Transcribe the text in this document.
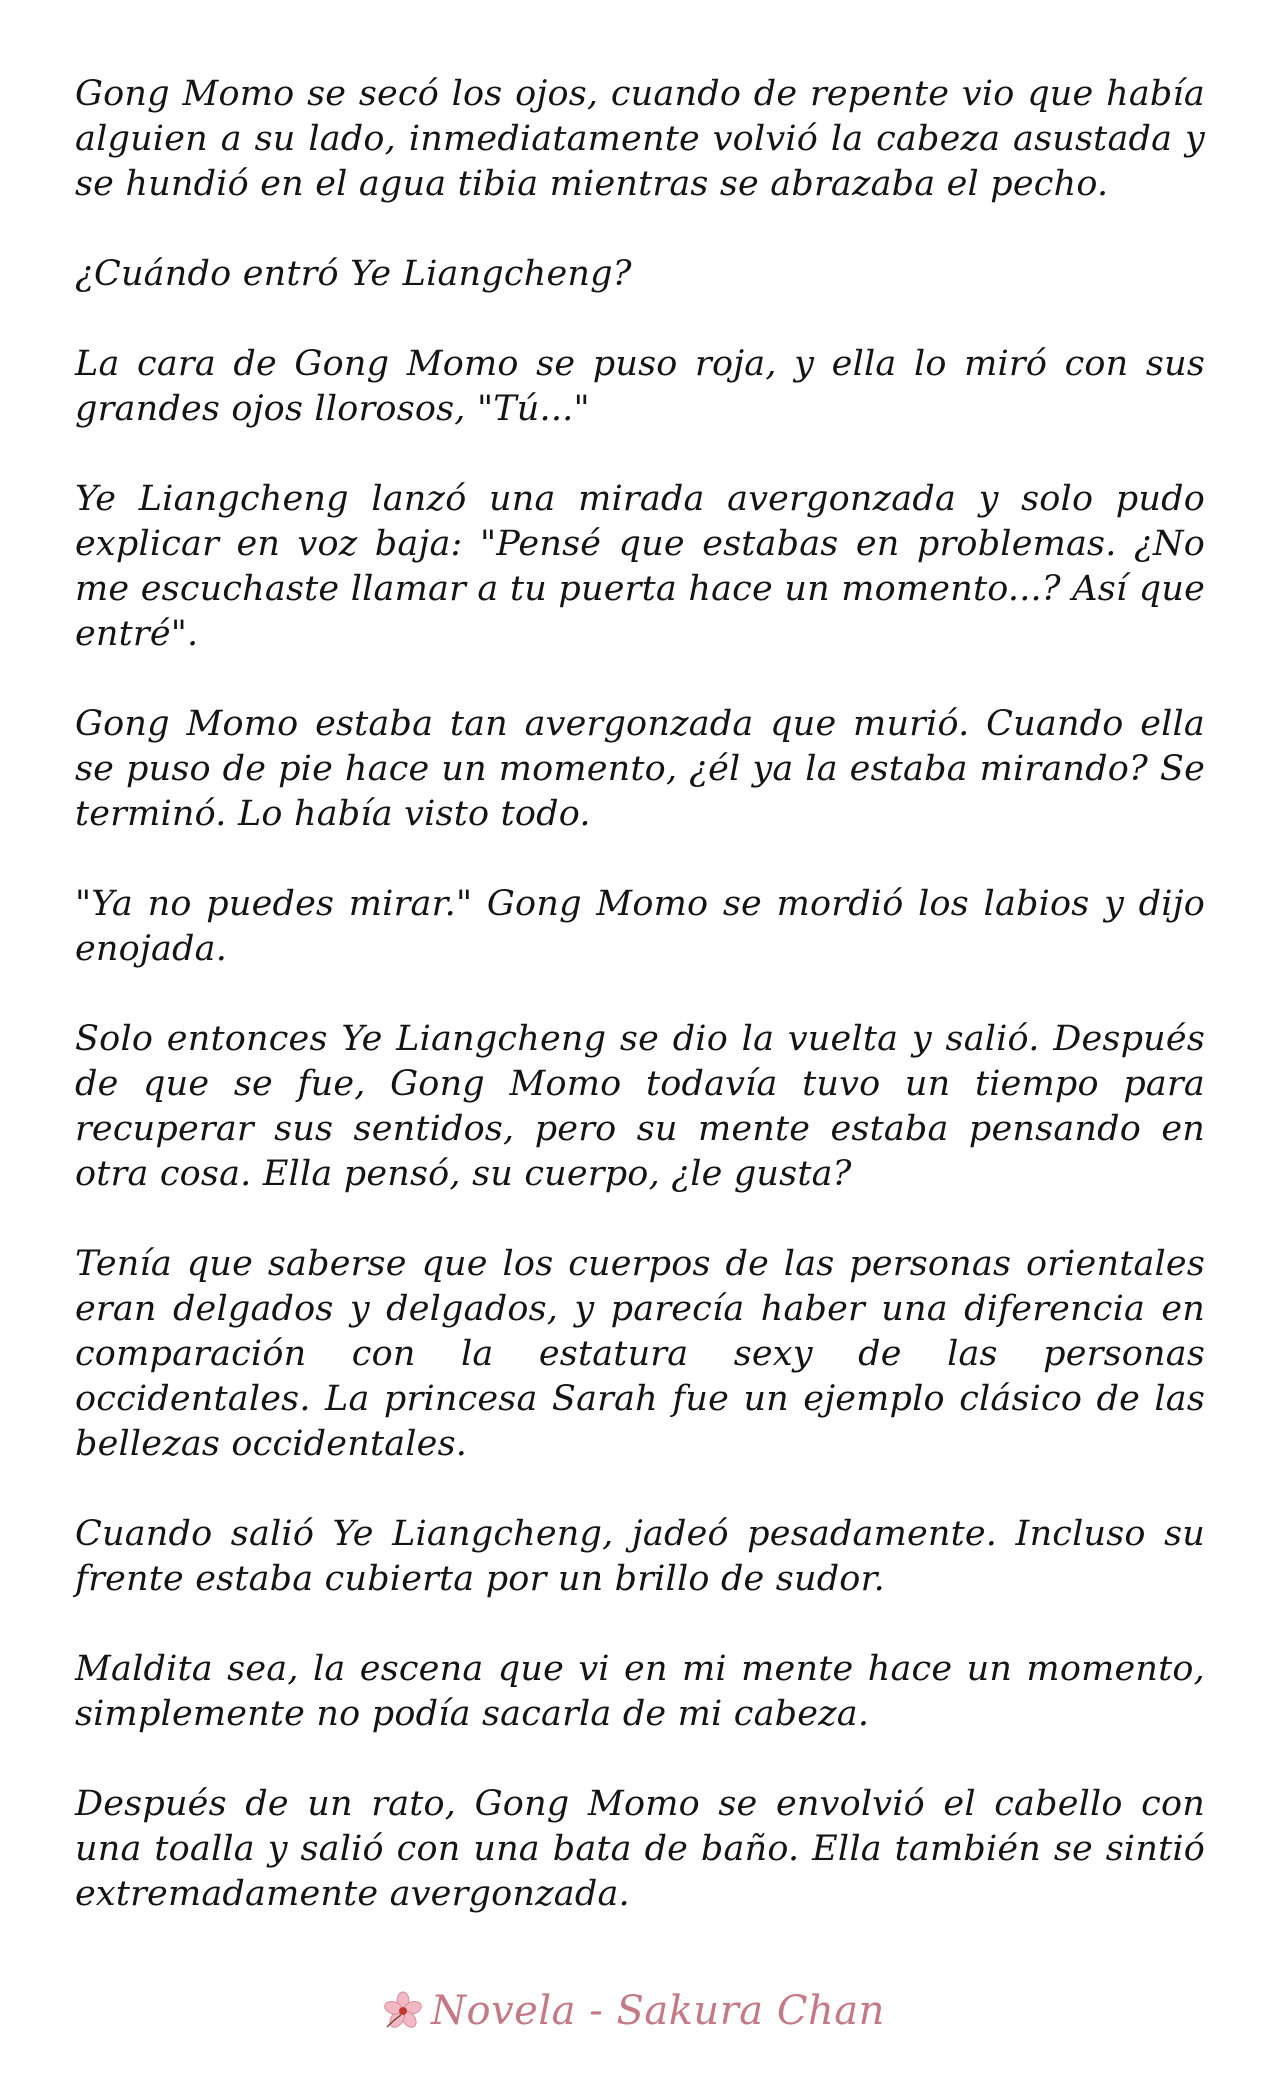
Gong Momo se secó los ojos, cuando de repente vio que había alguien a su lado, inmediatamente volvió la cabeza asustada y se hundió en el agua tibia mientras se abrazaba el pecho.

¿Cuándo entró Ye Liangcheng?

La cara de Gong Momo se puso roja, y ella lo miró con sus grandes ojos llorosos, "Tú..."

Ye Liangcheng lanzó una mirada avergonzada y solo pudo explicar en voz baja: "Pensé que estabas en problemas. ¿No me escuchaste llamar a tu puerta hace un momento...? Así que entré".

Gong Momo estaba tan avergonzada que murió. Cuando ella se puso de pie hace un momento, ¿él ya la estaba mirando? Se terminó. Lo había visto todo.

"Ya no puedes mirar." Gong Momo se mordió los labios y dijo enojada.

Solo entonces Ye Liangcheng se dio la vuelta y salió. Después de que se fue, Gong Momo todavía tuvo un tiempo para recuperar sus sentidos, pero su mente estaba pensando en otra cosa. Ella pensó, su cuerpo, ¿le gusta?

Tenía que saberse que los cuerpos de las personas orientales eran delgados y delgados, y parecía haber una diferencia en comparación con la estatura sexy de las personas occidentales. La princesa Sarah fue un ejemplo clásico de las bellezas occidentales.

Cuando salió Ye Liangcheng, jadeó pesadamente. Incluso su frente estaba cubierta por un brillo de sudor.

Maldita sea, la escena que vi en mi mente hace un momento, simplemente no podía sacarla de mi cabeza.

Después de un rato, Gong Momo se envolvió el cabello con una toalla y salió con una bata de baño. Ella también se sintió extremadamente avergonzada.

Novela - Sakura Chan
